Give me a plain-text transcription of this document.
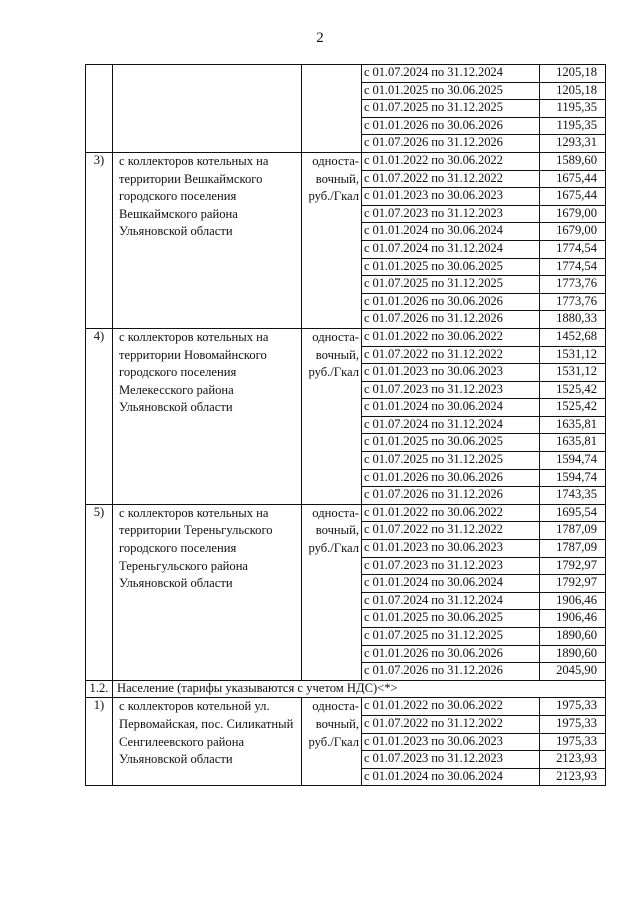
2
			с 01.07.2024 по 31.12.2024	1205,18
			с 01.01.2025 по 30.06.2025	1205,18
			с 01.07.2025 по 31.12.2025	1195,35
			с 01.01.2026 по 30.06.2026	1195,35
			с 01.07.2026 по 31.12.2026	1293,31
3)	с коллекторов котельных на территории Вешкаймского городского поселения Вешкаймского района Ульяновской области	односта-вочный, руб./Гкал	с 01.01.2022 по 30.06.2022	1589,60
			с 01.07.2022 по 31.12.2022	1675,44
			с 01.01.2023 по 30.06.2023	1675,44
			с 01.07.2023 по 31.12.2023	1679,00
			с 01.01.2024 по 30.06.2024	1679,00
			с 01.07.2024 по 31.12.2024	1774,54
			с 01.01.2025 по 30.06.2025	1774,54
			с 01.07.2025 по 31.12.2025	1773,76
			с 01.01.2026 по 30.06.2026	1773,76
			с 01.07.2026 по 31.12.2026	1880,33
4)	с коллекторов котельных на территории Новомайнского городского поселения Мелекесского района Ульяновской области	односта-вочный, руб./Гкал	с 01.01.2022 по 30.06.2022	1452,68
			с 01.07.2022 по 31.12.2022	1531,12
			с 01.01.2023 по 30.06.2023	1531,12
			с 01.07.2023 по 31.12.2023	1525,42
			с 01.01.2024 по 30.06.2024	1525,42
			с 01.07.2024 по 31.12.2024	1635,81
			с 01.01.2025 по 30.06.2025	1635,81
			с 01.07.2025 по 31.12.2025	1594,74
			с 01.01.2026 по 30.06.2026	1594,74
			с 01.07.2026 по 31.12.2026	1743,35
5)	с коллекторов котельных на территории Тереньгульского городского поселения Тереньгульского района Ульяновской области	односта-вочный, руб./Гкал	с 01.01.2022 по 30.06.2022	1695,54
			с 01.07.2022 по 31.12.2022	1787,09
			с 01.01.2023 по 30.06.2023	1787,09
			с 01.07.2023 по 31.12.2023	1792,97
			с 01.01.2024 по 30.06.2024	1792,97
			с 01.07.2024 по 31.12.2024	1906,46
			с 01.01.2025 по 30.06.2025	1906,46
			с 01.07.2025 по 31.12.2025	1890,60
			с 01.01.2026 по 30.06.2026	1890,60
			с 01.07.2026 по 31.12.2026	2045,90
1.2.	Население (тарифы указываются с учетом НДС)<*>			
1)	с коллекторов котельной ул. Первомайская, пос. Силикатный Сенгилеевского района Ульяновской области	односта-вочный, руб./Гкал	с 01.01.2022 по 30.06.2022	1975,33
			с 01.07.2022 по 31.12.2022	1975,33
			с 01.01.2023 по 30.06.2023	1975,33
			с 01.07.2023 по 31.12.2023	2123,93
			с 01.01.2024 по 30.06.2024	2123,93
